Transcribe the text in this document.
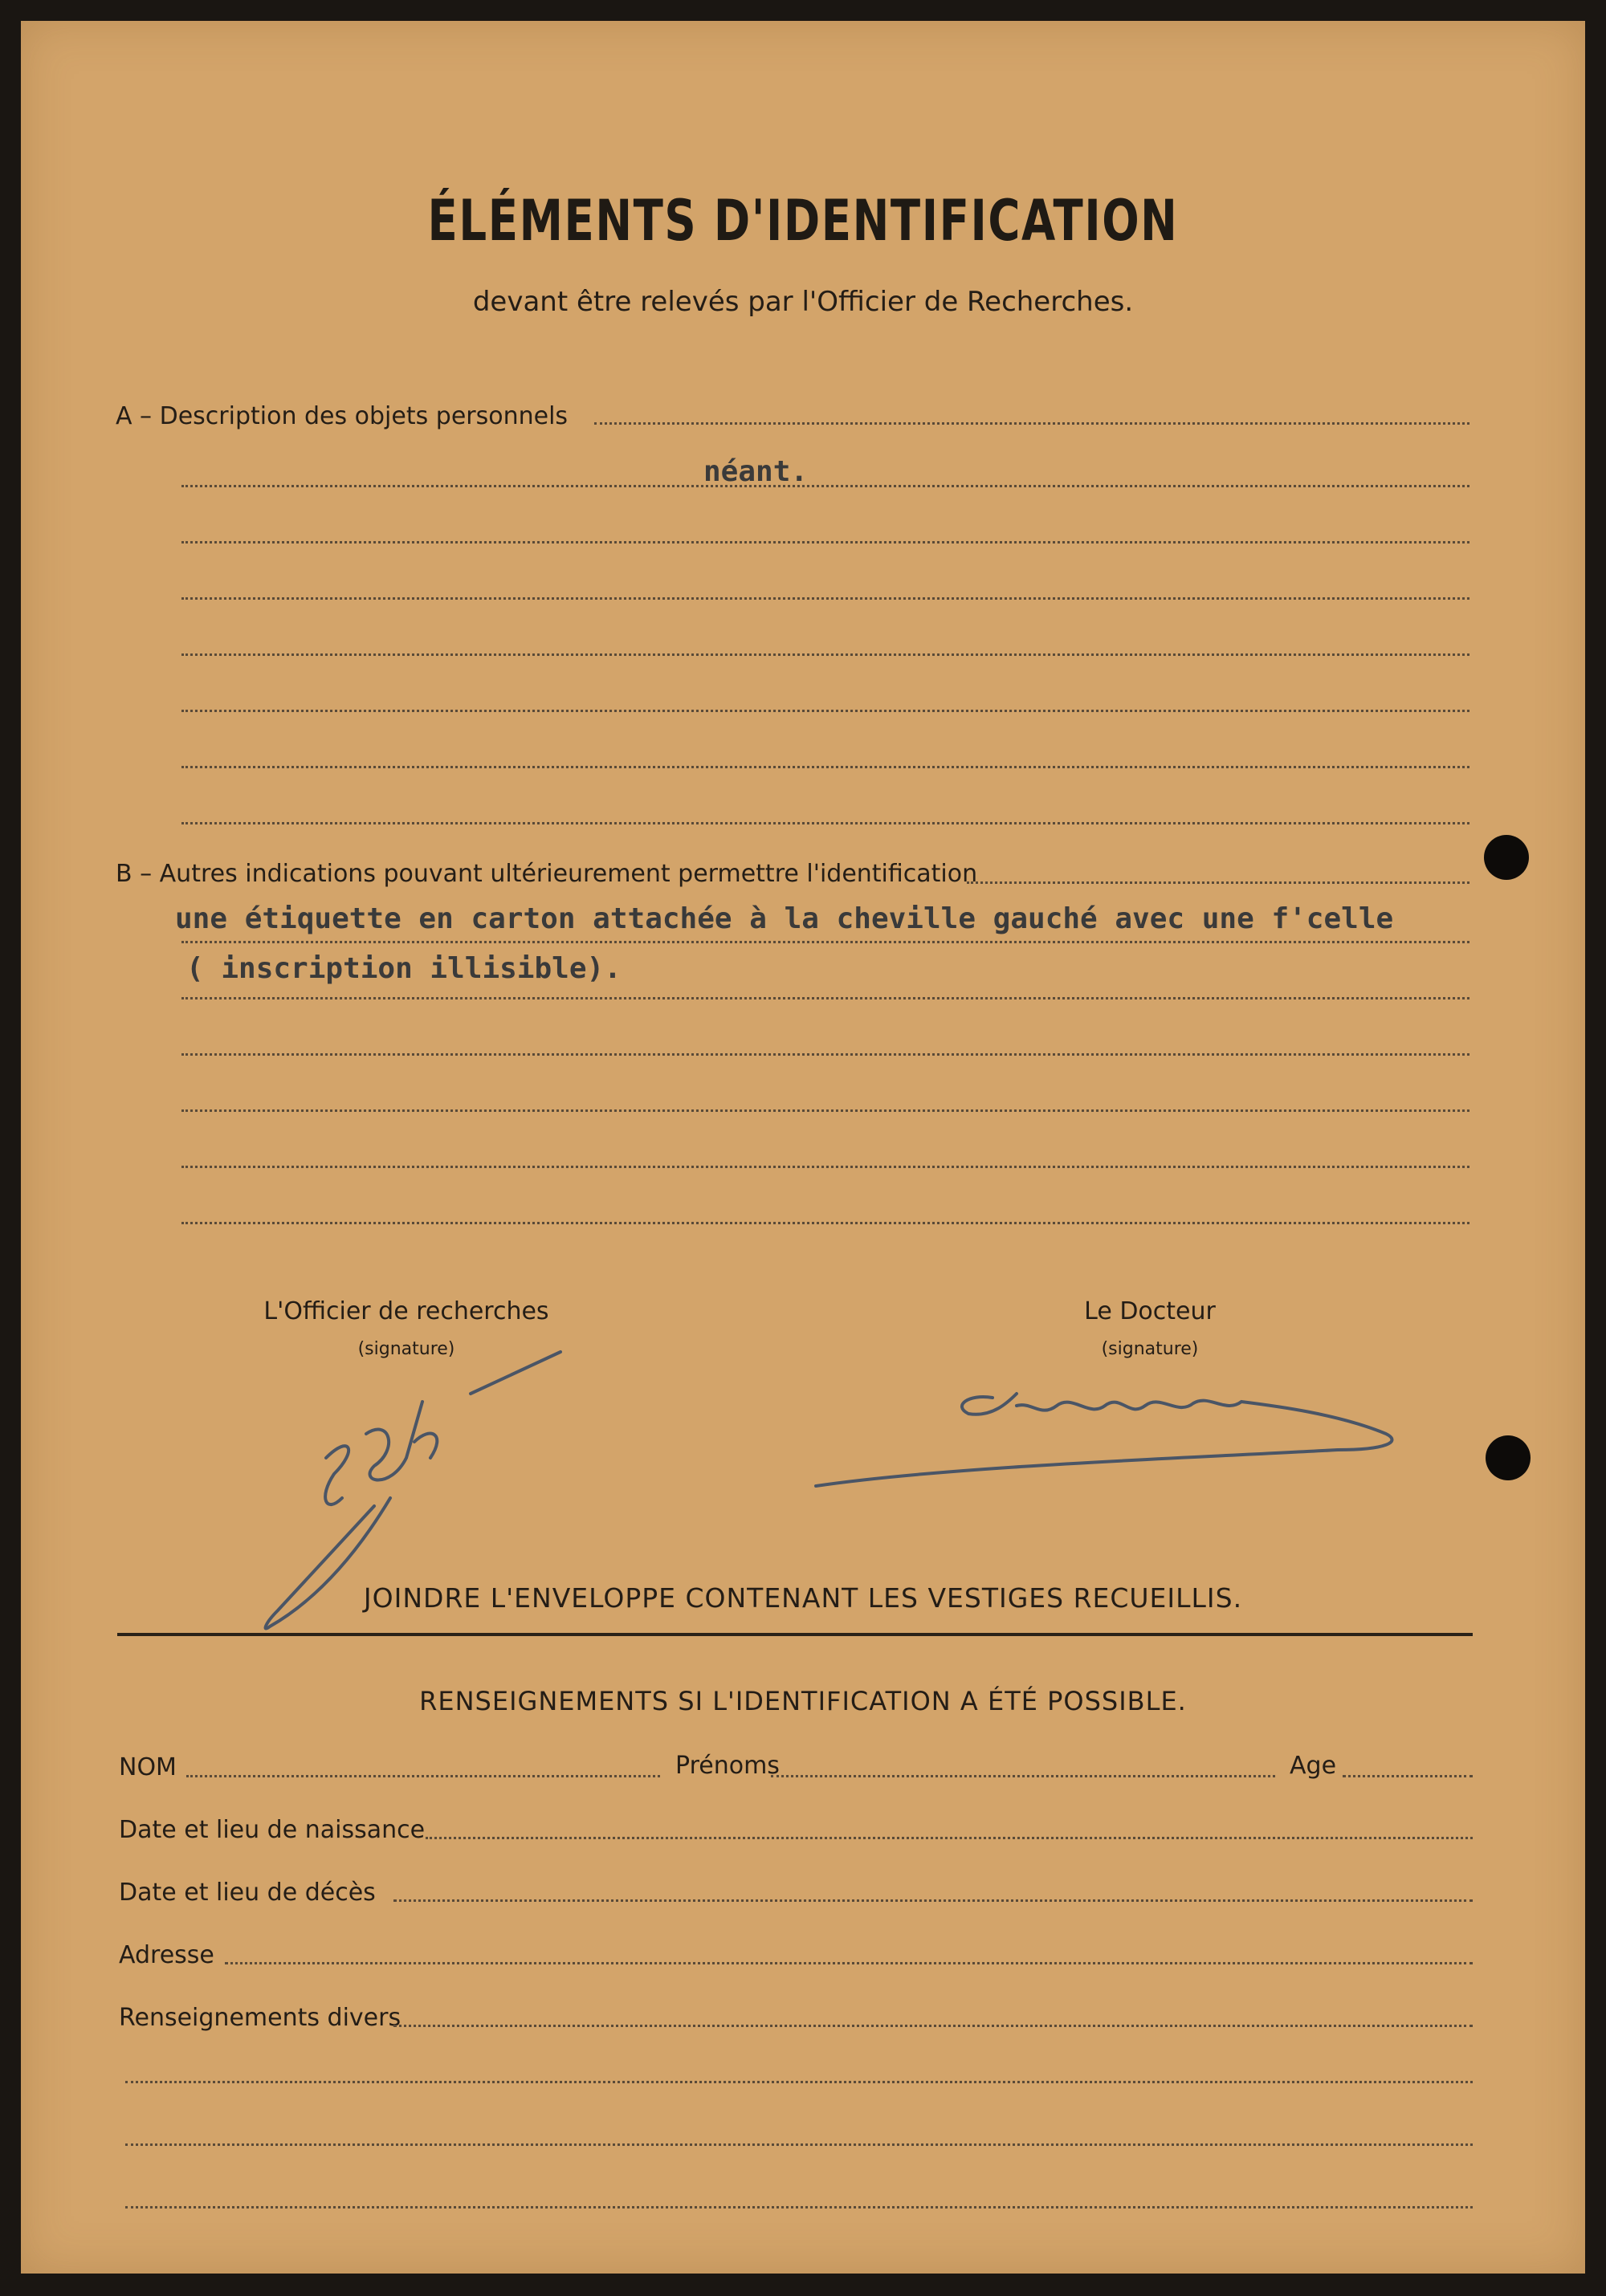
ÉLÉMENTS D'IDENTIFICATION
devant être relevés par l'Officier de Recherches.
A – Description des objets personnels
néant.
B – Autres indications pouvant ultérieurement permettre l'identification
une étiquette en carton attachée à la cheville gauché avec une f'celle
( inscription illisible).
L'Officier de recherches
(signature)
Le Docteur
(signature)
JOINDRE L'ENVELOPPE CONTENANT LES VESTIGES RECUEILLIS.
RENSEIGNEMENTS SI L'IDENTIFICATION A ÉTÉ POSSIBLE.
NOM	Prénoms	Age
Date et lieu de naissance
Date et lieu de décès
Adresse
Renseignements divers
